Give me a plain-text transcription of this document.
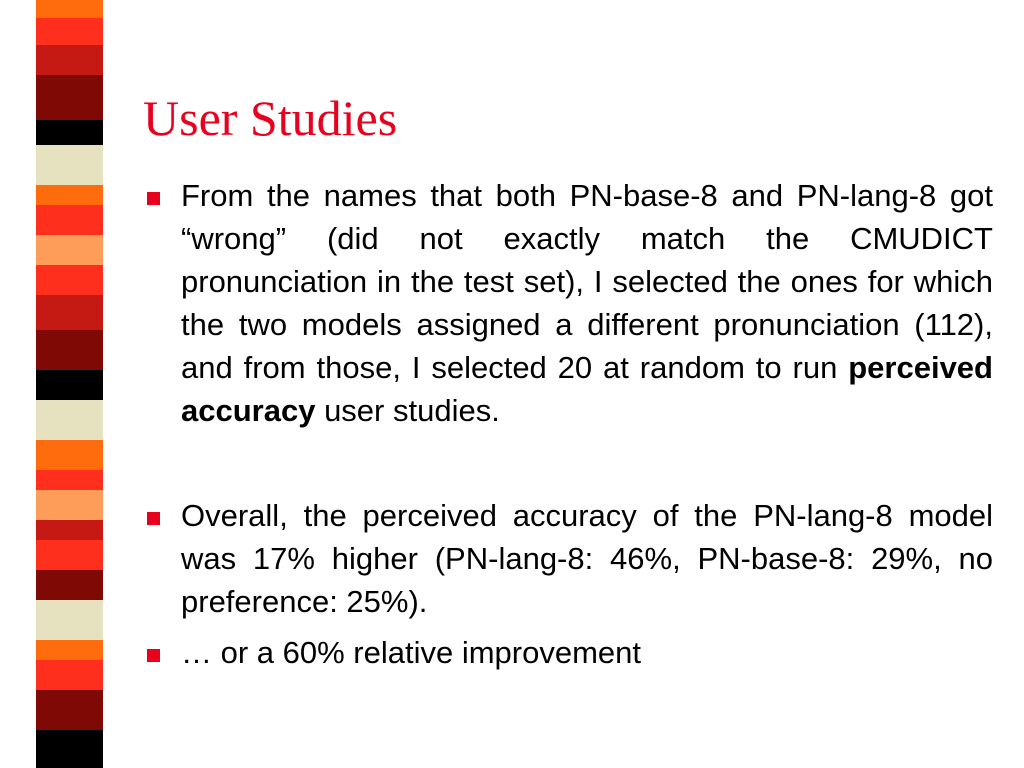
User Studies
From the names that both PN-base-8 and PN-lang-8 got “wrong” (did not exactly match the CMUDICT pronunciation in the test set), I selected the ones for which the two models assigned a different pronunciation (112), and from those, I selected 20 at random to run perceived accuracy user studies.
Overall, the perceived accuracy of the PN-lang-8 model was 17% higher (PN-lang-8: 46%, PN-base-8: 29%, no preference: 25%).
… or a 60% relative improvement
